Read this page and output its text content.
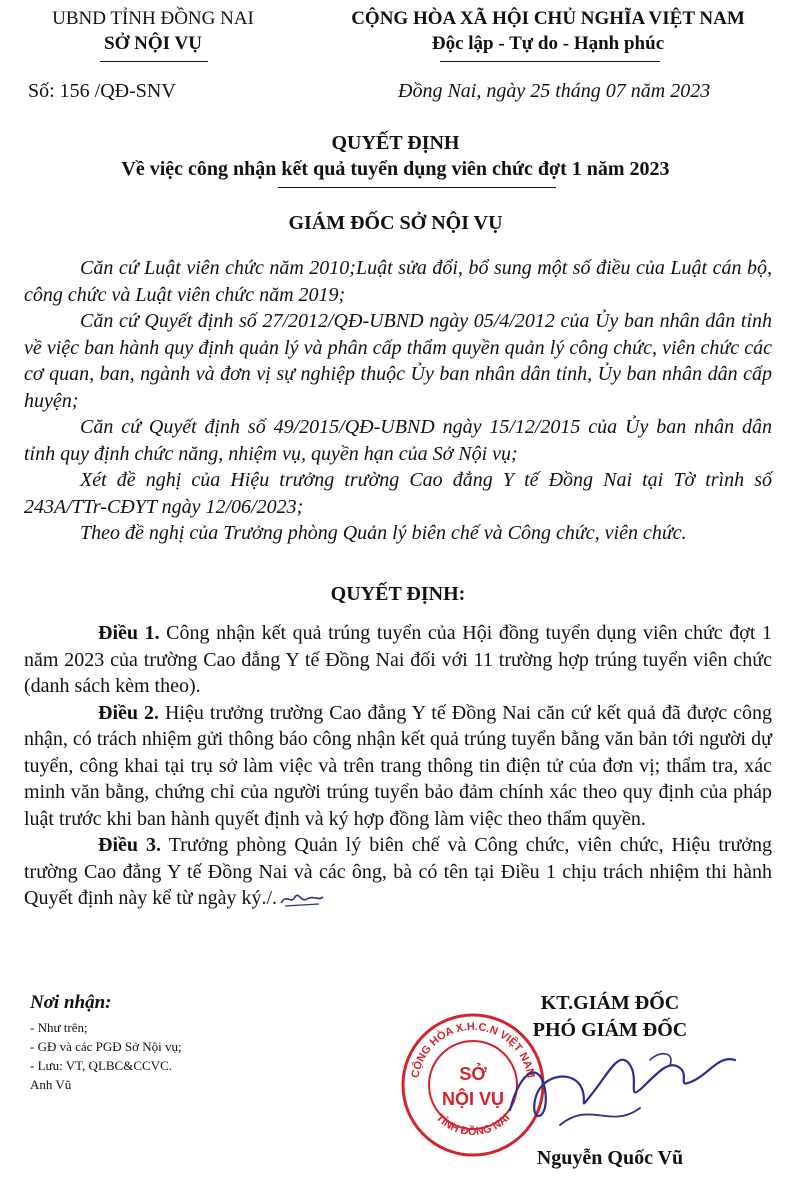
UBND TỈNH ĐỒNG NAI
SỞ NỘI VỤ
CỘNG HÒA XÃ HỘI CHỦ NGHĨA VIỆT NAM
Độc lập - Tự do - Hạnh phúc
Số: 156 /QĐ-SNV	Đồng Nai, ngày 25 tháng 07 năm 2023
QUYẾT ĐỊNH
Về việc công nhận kết quả tuyển dụng viên chức đợt 1 năm 2023
GIÁM ĐỐC SỞ NỘI VỤ

Căn cứ Luật viên chức năm 2010;Luật sửa đổi, bổ sung một số điều của Luật cán bộ, công chức và Luật viên chức năm 2019;

Căn cứ Quyết định số 27/2012/QĐ-UBND ngày 05/4/2012 của Ủy ban nhân dân tỉnh về việc ban hành quy định quản lý và phân cấp thẩm quyền quản lý công chức, viên chức các cơ quan, ban, ngành và đơn vị sự nghiệp thuộc Ủy ban nhân dân tỉnh, Ủy ban nhân dân cấp huyện;

Căn cứ Quyết định số 49/2015/QĐ-UBND ngày 15/12/2015 của Ủy ban nhân dân tỉnh quy định chức năng, nhiệm vụ, quyền hạn của Sở Nội vụ;

Xét đề nghị của Hiệu trưởng trường Cao đẳng Y tế Đồng Nai tại Tờ trình số 243A/TTr-CĐYT ngày 12/06/2023;

Theo đề nghị của Trưởng phòng Quản lý biên chế và Công chức, viên chức.

QUYẾT ĐỊNH:

Điều 1. Công nhận kết quả trúng tuyển của Hội đồng tuyển dụng viên chức đợt 1 năm 2023 của trường Cao đẳng Y tế Đồng Nai đối với 11 trường hợp trúng tuyển viên chức (danh sách kèm theo).

Điều 2. Hiệu trưởng trường Cao đẳng Y tế Đồng Nai căn cứ kết quả đã được công nhận, có trách nhiệm gửi thông báo công nhận kết quả trúng tuyển bằng văn bản tới người dự tuyển, công khai tại trụ sở làm việc và trên trang thông tin điện tử của đơn vị; thẩm tra, xác minh văn bằng, chứng chỉ của người trúng tuyển bảo đảm chính xác theo quy định của pháp luật trước khi ban hành quyết định và ký hợp đồng làm việc theo thẩm quyền.

Điều 3. Trưởng phòng Quản lý biên chế và Công chức, viên chức, Hiệu trưởng trường Cao đẳng Y tế Đồng Nai và các ông, bà có tên tại Điều 1 chịu trách nhiệm thi hành Quyết định này kể từ ngày ký./.

Nơi nhận:
- Như trên;
- GĐ và các PGĐ Sở Nội vụ;
- Lưu: VT, QLBC&CCVC.
Anh Vũ
KT.GIÁM ĐỐC
PHÓ GIÁM ĐỐC
CỘNG HÒA X.H.C.N VIỆT NAM
TỈNH ĐỒNG NAI
SỞ
NỘI VỤ
Nguyễn Quốc Vũ
